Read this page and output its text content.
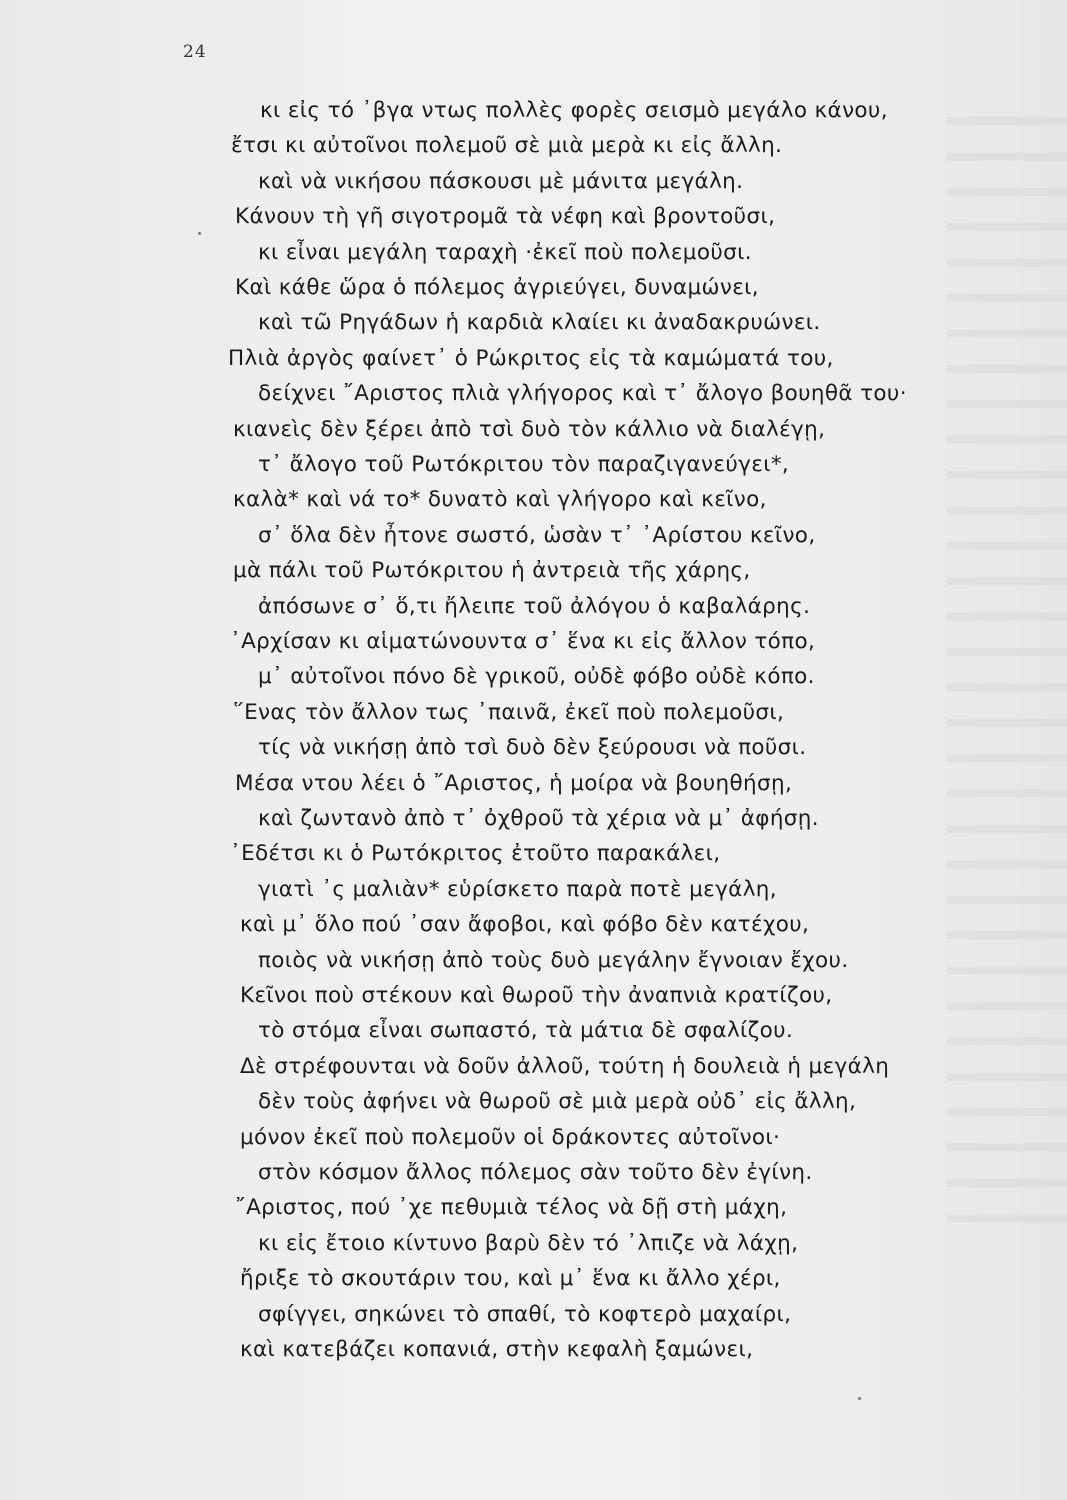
24
κι εἰς τό ᾿βγα ντως πολλὲς φορὲς σεισμὸ μεγάλο κάνου,
ἔτσι κι αὐτοῖνοι πολεμοῦ σὲ μιὰ μερὰ κι εἰς ἄλλη.
καὶ νὰ νικήσου πάσκουσι μὲ μάνιτα μεγάλη.
Κάνουν τὴ γῆ σιγοτρομᾶ τὰ νέφη καὶ βροντοῦσι,
κι εἶναι μεγάλη ταραχὴ ·ἐκεῖ ποὺ πολεμοῦσι.
Καὶ κάθε ὥρα ὁ πόλεμος ἀγριεύγει, δυναμώνει,
καὶ τῶ Ρηγάδων ἡ καρδιὰ κλαίει κι ἀναδακρυώνει.
Πλιὰ ἀργὸς φαίνετ᾿ ὁ Ρώκριτος εἰς τὰ καμώματά του,
δείχνει ῎Αριστος πλιὰ γλήγορος καὶ τ᾿ ἄλογο βουηθᾶ του·
κιανεὶς δὲν ξέρει ἀπὸ τσὶ δυὸ τὸν κάλλιο νὰ διαλέγῃ,
τ᾿ ἄλογο τοῦ Ρωτόκριτου τὸν παραζιγανεύγει*,
καλὰ* καὶ νά το* δυνατὸ καὶ γλήγορο καὶ κεῖνο,
σ᾿ ὅλα δὲν ἦτονε σωστό, ὡσὰν τ᾿ ᾿Αρίστου κεῖνο,
μὰ πάλι τοῦ Ρωτόκριτου ἡ ἀντρειὰ τῆς χάρης,
ἀπόσωνε σ᾿ ὅ,τι ἤλειπε τοῦ ἀλόγου ὁ καβαλάρης.
᾿Αρχίσαν κι αἱματώνουντα σ᾿ ἕνα κι εἰς ἄλλον τόπο,
μ᾿ αὐτοῖνοι πόνο δὲ γρικοῦ, οὐδὲ φόβο οὐδὲ κόπο.
῞Ενας τὸν ἄλλον τως ᾿παινᾶ, ἐκεῖ ποὺ πολεμοῦσι,
τίς νὰ νικήσῃ ἀπὸ τσὶ δυὸ δὲν ξεύρουσι νὰ ποῦσι.
Μέσα ντου λέει ὁ ῎Αριστος, ἡ μοίρα νὰ βουηθήσῃ,
καὶ ζωντανὸ ἀπὸ τ᾿ ὀχθροῦ τὰ χέρια νὰ μ᾿ ἀφήσῃ.
᾿Εδέτσι κι ὁ Ρωτόκριτος ἐτοῦτο παρακάλει,
γιατὶ ᾿ς μαλιὰν* εὑρίσκετο παρὰ ποτὲ μεγάλη,
καὶ μ᾿ ὅλο πού ᾿σαν ἄφοβοι, καὶ φόβο δὲν κατέχου,
ποιὸς νὰ νικήσῃ ἀπὸ τοὺς δυὸ μεγάλην ἔγνοιαν ἔχου.
Κεῖνοι ποὺ στέκουν καὶ θωροῦ τὴν ἀναπνιὰ κρατίζου,
τὸ στόμα εἶναι σωπαστό, τὰ μάτια δὲ σφαλίζου.
Δὲ στρέφουνται νὰ δοῦν ἀλλοῦ, τούτη ἡ δουλειὰ ἡ μεγάλη
δὲν τοὺς ἀφήνει νὰ θωροῦ σὲ μιὰ μερὰ οὐδ᾿ εἰς ἄλλη,
μόνον ἐκεῖ ποὺ πολεμοῦν οἱ δράκοντες αὐτοῖνοι·
στὸν κόσμον ἄλλος πόλεμος σὰν τοῦτο δὲν ἐγίνη.
῎Αριστος, πού ᾿χε πεθυμιὰ τέλος νὰ δῇ στὴ μάχη,
κι εἰς ἔτοιο κίντυνο βαρὺ δὲν τό ᾿λπιζε νὰ λάχῃ,
ἤριξε τὸ σκουτάριν του, καὶ μ᾿ ἕνα κι ἄλλο χέρι,
σφίγγει, σηκώνει τὸ σπαθί, τὸ κοφτερὸ μαχαίρι,
καὶ κατεβάζει κοπανιά, στὴν κεφαλὴ ξαμώνει,
